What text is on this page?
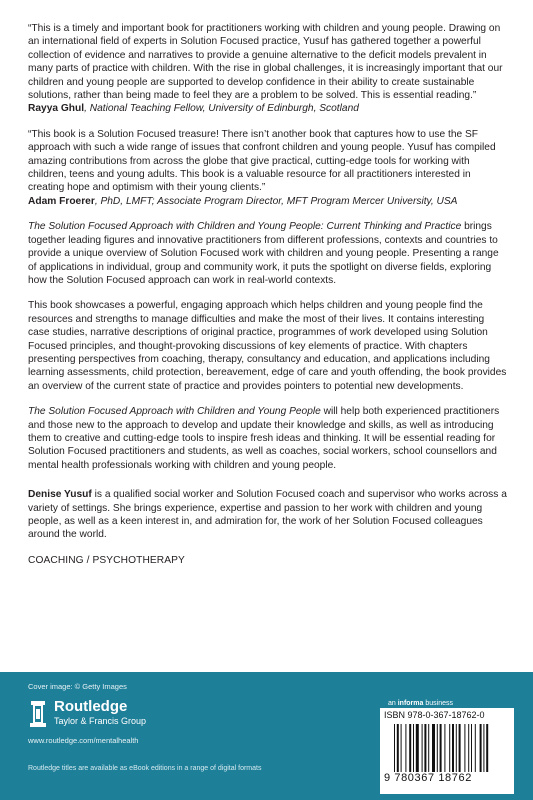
“This is a timely and important book for practitioners working with children and young people. Drawing on an international field of experts in Solution Focused practice, Yusuf has gathered together a powerful collection of evidence and narratives to provide a genuine alternative to the deficit models prevalent in many parts of practice with children. With the rise in global challenges, it is increasingly important that our children and young people are supported to develop confidence in their ability to create sustainable solutions, rather than being made to feel they are a problem to be solved. This is essential reading.”

Rayya Ghul, National Teaching Fellow, University of Edinburgh, Scotland

“This book is a Solution Focused treasure! There isn’t another book that captures how to use the SF approach with such a wide range of issues that confront children and young people. Yusuf has compiled amazing contributions from across the globe that give practical, cutting-edge tools for working with children, teens and young adults. This book is a valuable resource for all practitioners interested in creating hope and optimism with their young clients.”

Adam Froerer, PhD, LMFT; Associate Program Director, MFT Program Mercer University, USA

The Solution Focused Approach with Children and Young People: Current Thinking and Practice brings together leading figures and innovative practitioners from different professions, contexts and countries to provide a unique overview of Solution Focused work with children and young people. Presenting a range of applications in individual, group and community work, it puts the spotlight on diverse fields, exploring how the Solution Focused approach can work in real-world contexts.

This book showcases a powerful, engaging approach which helps children and young people find the resources and strengths to manage difficulties and make the most of their lives. It contains interesting case studies, narrative descriptions of original practice, programmes of work developed using Solution Focused principles, and thought-provoking discussions of key elements of practice. With chapters presenting perspectives from coaching, therapy, consultancy and education, and applications including learning assessments, child protection, bereavement, edge of care and youth offending, the book provides an overview of the current state of practice and provides pointers to potential new developments.

The Solution Focused Approach with Children and Young People will help both experienced practitioners and those new to the approach to develop and update their knowledge and skills, as well as introducing them to creative and cutting-edge tools to inspire fresh ideas and thinking. It will be essential reading for Solution Focused practitioners and students, as well as coaches, social workers, school counsellors and mental health professionals working with children and young people.

Denise Yusuf is a qualified social worker and Solution Focused coach and supervisor who works across a variety of settings. She brings experience, expertise and passion to her work with children and young people, as well as a keen interest in, and admiration for, the work of her Solution Focused colleagues around the world.

COACHING / PSYCHOTHERAPY

Cover image: © Getty Images
Routledge
Taylor & Francis Group
www.routledge.com/mentalhealth
Routledge titles are available as eBook editions in a range of digital formats
an informa business
ISBN 978-0-367-18762-0
9 780367 18762
